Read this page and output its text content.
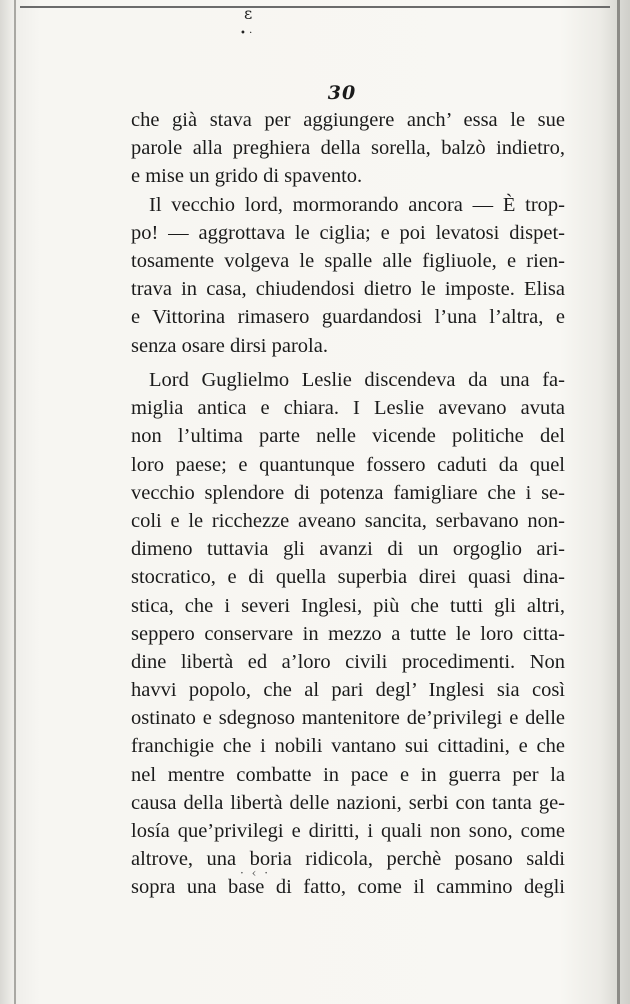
ɛ
• ·
30
che già stava per aggiungere anch’ essa le sue
parole alla preghiera della sorella, balzò indietro,
e mise un grido di spavento.
Il vecchio lord, mormorando ancora — È trop-
po! — aggrottava le ciglia; e poi levatosi dispet-
tosamente volgeva le spalle alle figliuole, e rien-
trava in casa, chiudendosi dietro le imposte. Elisa
e Vittorina rimasero guardandosi l’una l’altra, e
senza osare dirsi parola.
Lord Guglielmo Leslie discendeva da una fa-
miglia antica e chiara. I Leslie avevano avuta
non l’ultima parte nelle vicende politiche del
loro paese; e quantunque fossero caduti da quel
vecchio splendore di potenza famigliare che i se-
coli e le ricchezze aveano sancita, serbavano non-
dimeno tuttavia gli avanzi di un orgoglio ari-
stocratico, e di quella superbia direi quasi dina-
stica, che i severi Inglesi, più che tutti gli altri,
seppero conservare in mezzo a tutte le loro citta-
dine libertà ed a’loro civili procedimenti. Non
havvi popolo, che al pari degl’ Inglesi sia così
ostinato e sdegnoso mantenitore de’privilegi e delle
franchigie che i nobili vantano sui cittadini, e che
nel mentre combatte in pace e in guerra per la
causa della libertà delle nazioni, serbi con tanta ge-
losía que’privilegi e diritti, i quali non sono, come
altrove, una boria ridicola, perchè posano saldi
sopra una base di fatto, come il cammino degli
· ‹ ·
